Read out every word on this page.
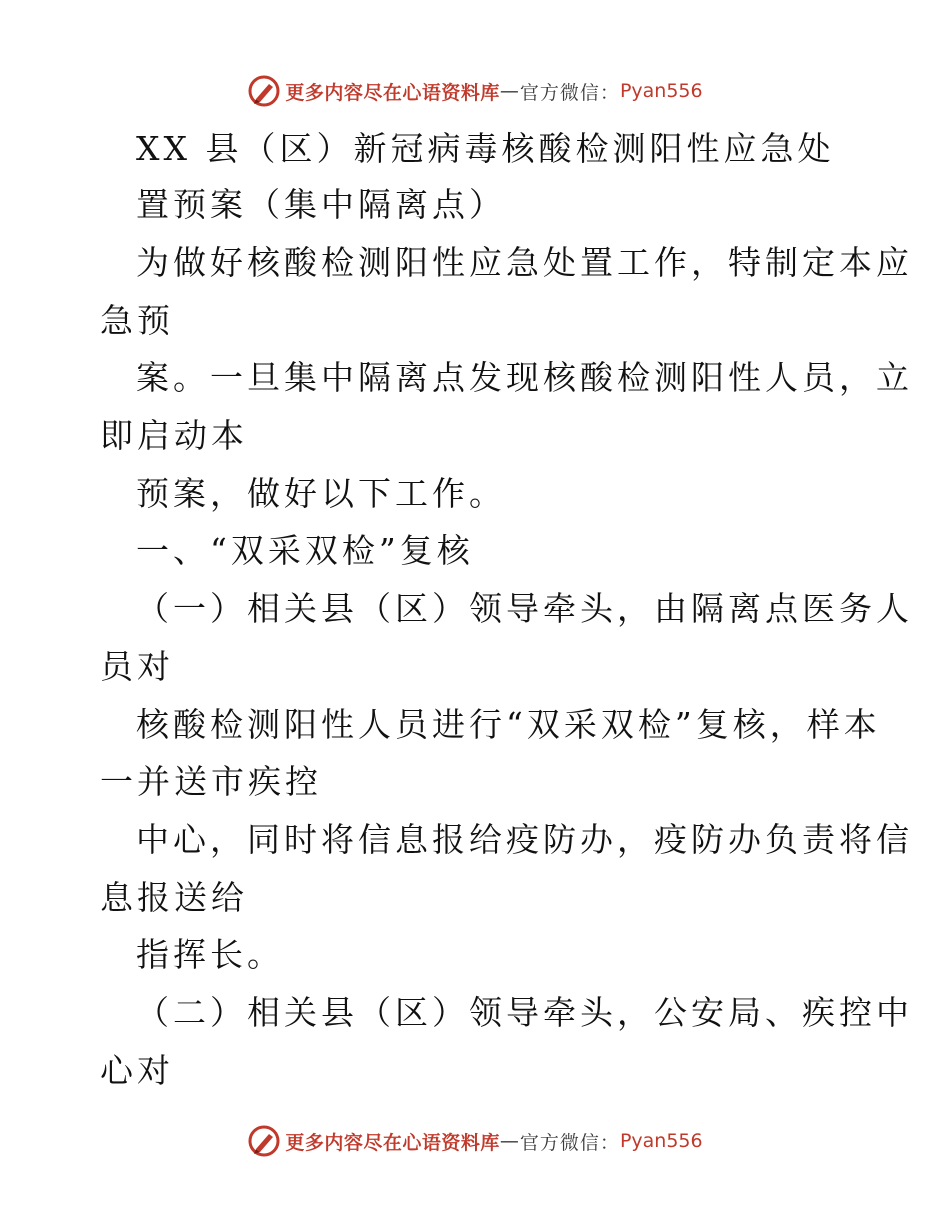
更多内容尽在心语资料库 — 官方微信： Pyan556
XX 县（区）新冠病毒核酸检测阳性应急处
置预案（集中隔离点）
为做好核酸检测阳性应急处置工作，特制定本应
急预
案。一旦集中隔离点发现核酸检测阳性人员，立
即启动本
预案，做好以下工作。
一、“双采双检”复核
（一）相关县（区）领导牵头，由隔离点医务人
员对
核酸检测阳性人员进行“双采双检”复核，样本
一并送市疾控
中心，同时将信息报给疫防办，疫防办负责将信
息报送给
指挥长。
（二）相关县（区）领导牵头，公安局、疾控中
心对
更多内容尽在心语资料库 — 官方微信： Pyan556
